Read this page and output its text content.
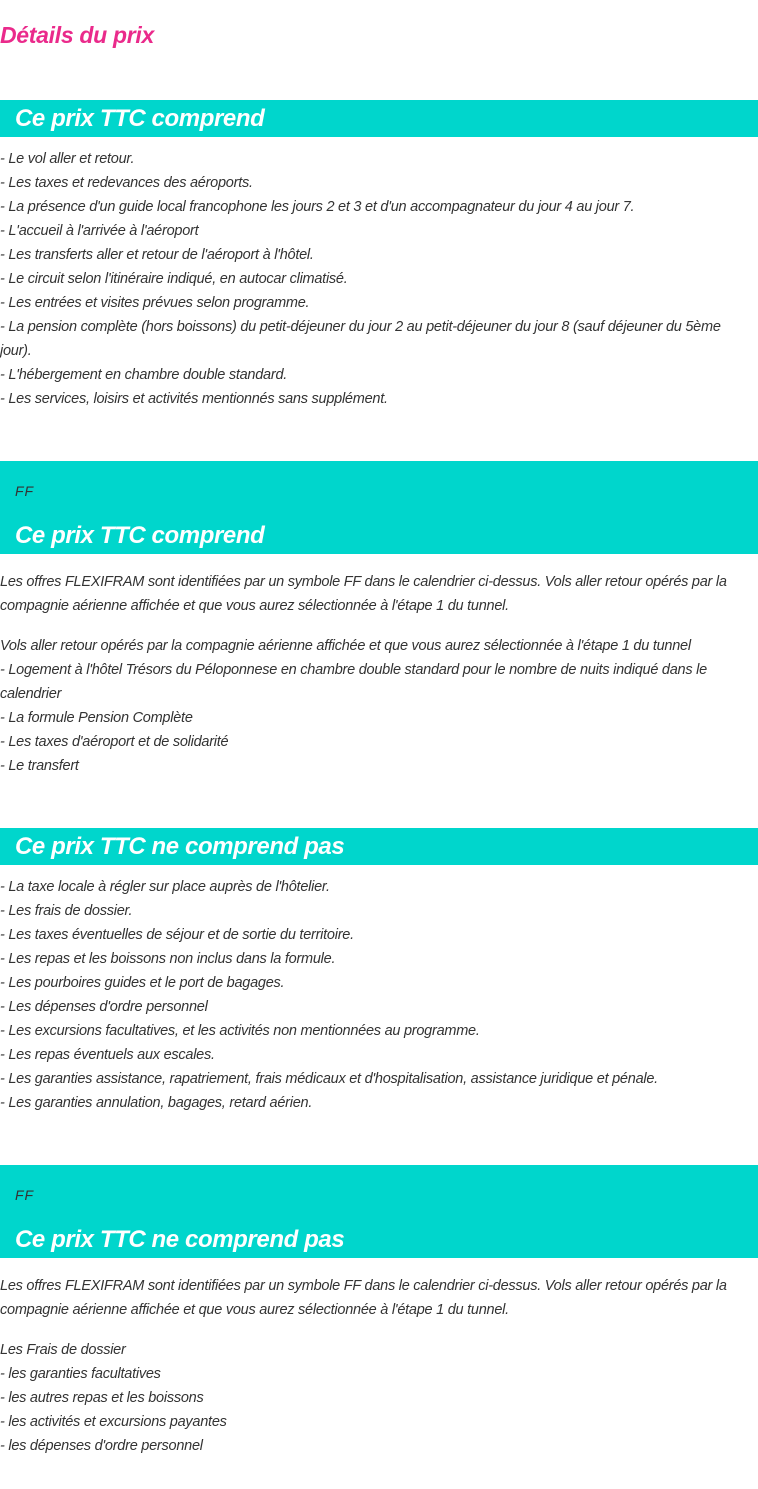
Détails du prix
Ce prix TTC comprend
- Le vol aller et retour.
- Les taxes et redevances des aéroports.
- La présence d'un guide local francophone les jours 2 et 3 et d'un accompagnateur du jour 4 au jour 7.
- L'accueil à l'arrivée à l'aéroport
- Les transferts aller et retour de l'aéroport à l'hôtel.
- Le circuit selon l'itinéraire indiqué, en autocar climatisé.
- Les entrées et visites prévues selon programme.
- La pension complète (hors boissons) du petit-déjeuner du jour 2 au petit-déjeuner du jour 8 (sauf déjeuner du 5ème jour).
- L'hébergement en chambre double standard.
- Les services, loisirs et activités mentionnés sans supplément.
FF
Ce prix TTC comprend

Les offres FLEXIFRAM sont identifiées par un symbole FF dans le calendrier ci-dessus. Vols aller retour opérés par la compagnie aérienne affichée et que vous aurez sélectionnée à l'étape 1 du tunnel.

Vols aller retour opérés par la compagnie aérienne affichée et que vous aurez sélectionnée à l'étape 1 du tunnel
- Logement à l'hôtel Trésors du Péloponnese en chambre double standard pour le nombre de nuits indiqué dans le calendrier
- La formule Pension Complète
- Les taxes d'aéroport et de solidarité
- Le transfert
Ce prix TTC ne comprend pas
- La taxe locale à régler sur place auprès de l'hôtelier.
- Les frais de dossier.
- Les taxes éventuelles de séjour et de sortie du territoire.
- Les repas et les boissons non inclus dans la formule.
- Les pourboires guides et le port de bagages.
- Les dépenses d'ordre personnel
- Les excursions facultatives, et les activités non mentionnées au programme.
- Les repas éventuels aux escales.
- Les garanties assistance, rapatriement, frais médicaux et d'hospitalisation, assistance juridique et pénale.
- Les garanties annulation, bagages, retard aérien.
FF
Ce prix TTC ne comprend pas

Les offres FLEXIFRAM sont identifiées par un symbole FF dans le calendrier ci-dessus. Vols aller retour opérés par la compagnie aérienne affichée et que vous aurez sélectionnée à l'étape 1 du tunnel.

Les Frais de dossier
- les garanties facultatives
- les autres repas et les boissons
- les activités et excursions payantes
- les dépenses d'ordre personnel
